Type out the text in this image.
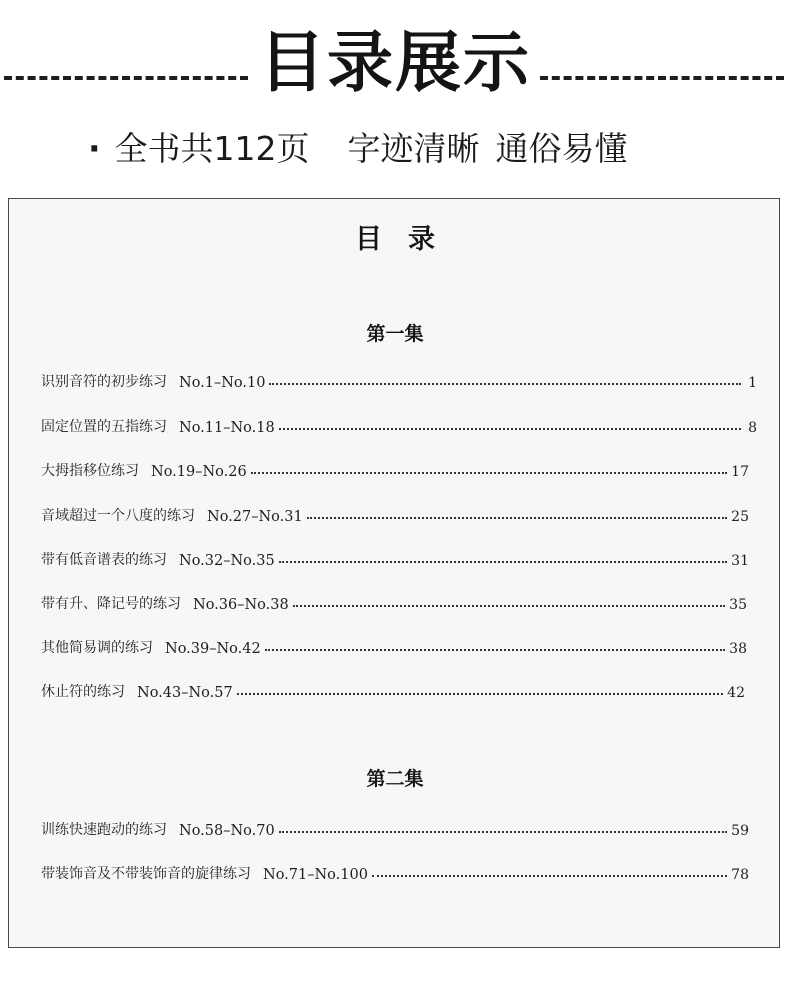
目录展示
· 全书共112页 字迹清晰 通俗易懂
目录
第一集
识别音符的初步练习 No.1–No.10	1
固定位置的五指练习 No.11–No.18	8
大拇指移位练习 No.19–No.26	17
音域超过一个八度的练习 No.27–No.31	25
带有低音谱表的练习 No.32–No.35	31
带有升、降记号的练习 No.36–No.38	35
其他简易调的练习 No.39–No.42	38
休止符的练习 No.43–No.57	42
第二集
训练快速跑动的练习 No.58–No.70	59
带装饰音及不带装饰音的旋律练习 No.71–No.100	78
